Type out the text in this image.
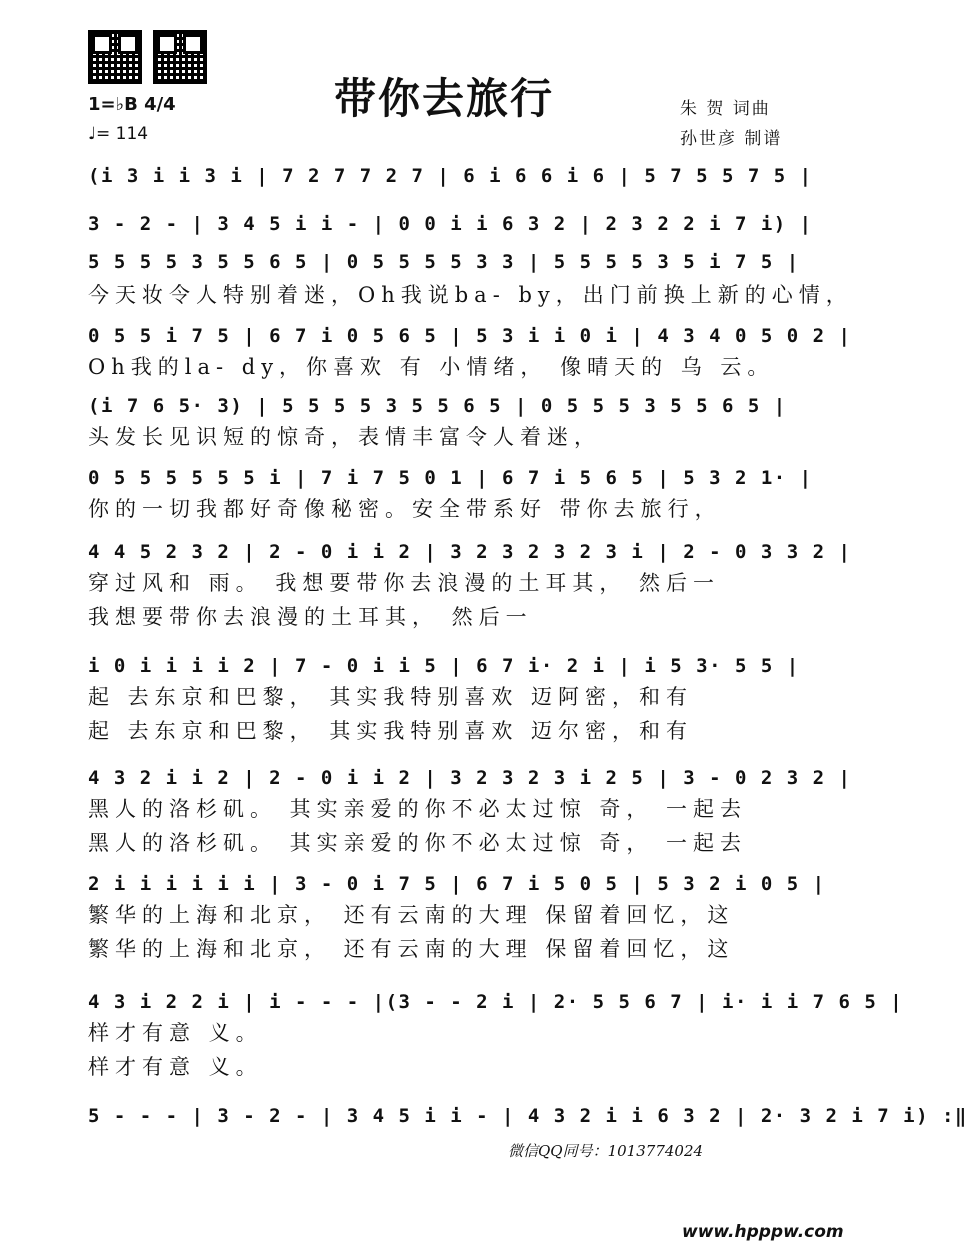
带你去旅行
1=♭B 4/4
♩= 114
朱 贺 词曲
孙世彦 制谱
(i 3 i i 3 i | 7 2 7 7 2 7 | 6 i 6 6 i 6 | 5 7 5 5 7 5 |
3 - 2 - | 3 4 5 i i - | 0 0 i i 6 3 2 | 2 3 2 2 i 7 i) |
5 5 5 5 3 5 5 6 5 | 0 5 5 5 5 3 3 | 5 5 5 5 3 5 i 7 5 |
今天妆令人特别着迷，Oh我说ba- by，出门前换上新的心情，
0 5 5 i 7 5 | 6 7 i 0 5 6 5 | 5 3 i i 0 i | 4 3 4 0 5 0 2 |
Oh我的la- dy，你喜欢 有 小情绪， 像晴天的 乌 云。
(i 7 6 5· 3) | 5 5 5 5 3 5 5 6 5 | 0 5 5 5 3 5 5 6 5 |
头发长见识短的惊奇，表情丰富令人着迷，
0 5 5 5 5 5 5 i | 7 i 7 5 0 1 | 6 7 i 5 6 5 | 5 3 2 1· |
你的一切我都好奇像秘密。安全带系好 带你去旅行，
4 4 5 2 3 2 | 2 - 0 i i 2 | 3 2 3 2 3 2 3 i | 2 - 0 3 3 2 |
穿过风和 雨。 我想要带你去浪漫的土耳其， 然后一
我想要带你去浪漫的土耳其， 然后一
i 0 i i i i 2 | 7 - 0 i i 5 | 6 7 i· 2 i | i 5 3· 5 5 |
起 去东京和巴黎， 其实我特别喜欢 迈阿密，和有
起 去东京和巴黎， 其实我特别喜欢 迈尔密，和有
4 3 2 i i 2 | 2 - 0 i i 2 | 3 2 3 2 3 i 2 5 | 3 - 0 2 3 2 |
黑人的洛杉矶。 其实亲爱的你不必太过惊 奇， 一起去
黑人的洛杉矶。 其实亲爱的你不必太过惊 奇， 一起去
2 i i i i i i | 3 - 0 i 7 5 | 6 7 i 5 0 5 | 5 3 2 i 0 5 |
繁华的上海和北京， 还有云南的大理 保留着回忆，这
繁华的上海和北京， 还有云南的大理 保留着回忆，这
4 3 i 2 2 i | i - - - |(3 - - 2 i | 2· 5 5 6 7 | i· i i 7 6 5 |
样才有意 义。
样才有意 义。
5 - - - | 3 - 2 - | 3 4 5 i i - | 4 3 2 i i 6 3 2 | 2· 3 2 i 7 i) :‖
微信QQ同号：1013774024
www.hpppw.com
